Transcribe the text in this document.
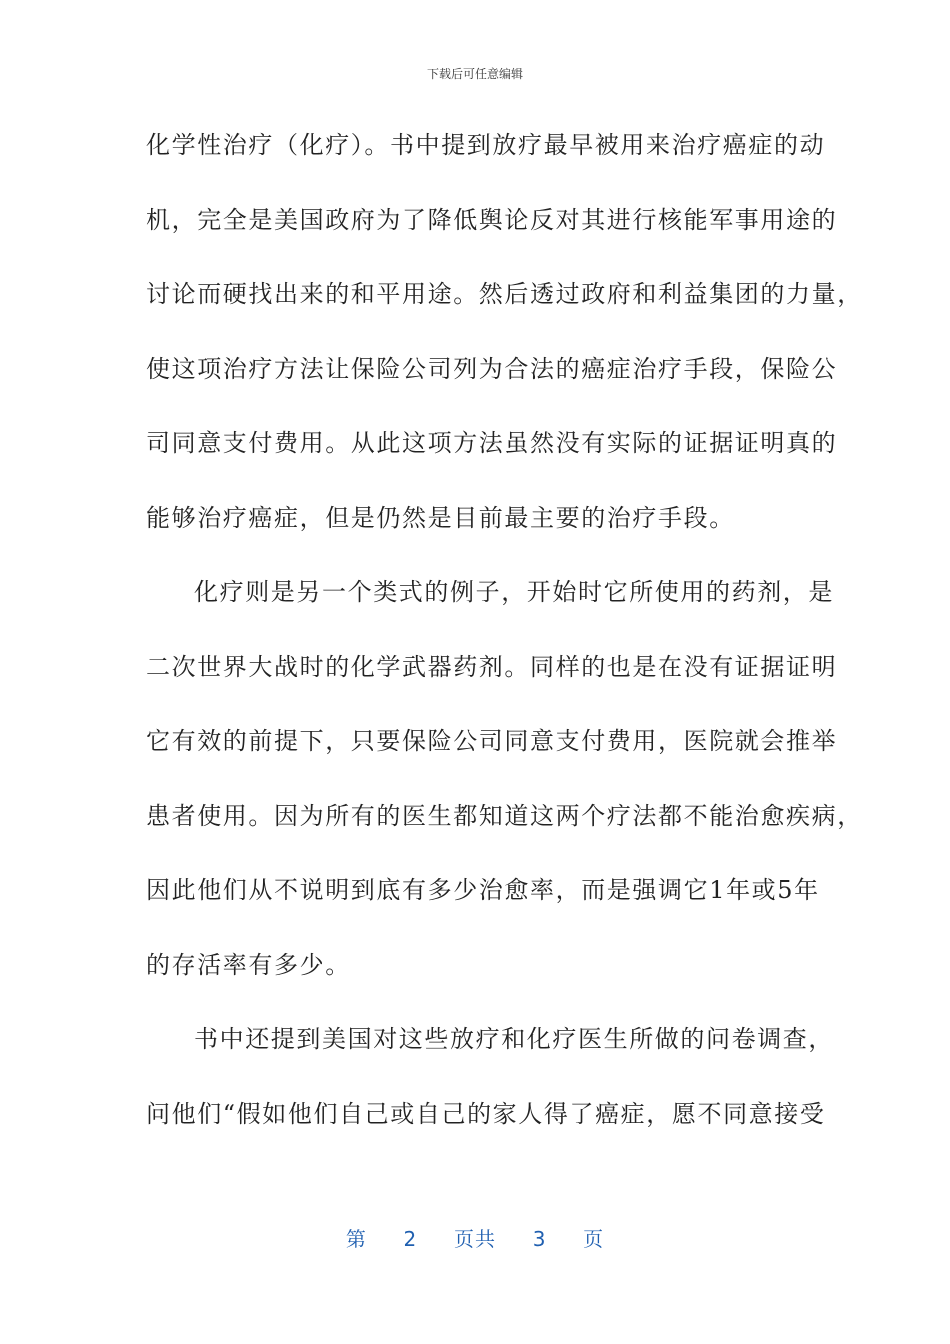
下载后可任意编辑
化学性治疗（化疗）。书中提到放疗最早被用来治疗癌症的动
机，完全是美国政府为了降低舆论反对其进行核能军事用途的
讨论而硬找出来的和平用途。然后透过政府和利益集团的力量，
使这项治疗方法让保险公司列为合法的癌症治疗手段，保险公
司同意支付费用。从此这项方法虽然没有实际的证据证明真的
能够治疗癌症，但是仍然是目前最主要的治疗手段。
化疗则是另一个类式的例子，开始时它所使用的药剂，是
二次世界大战时的化学武器药剂。同样的也是在没有证据证明
它有效的前提下，只要保险公司同意支付费用，医院就会推举
患者使用。因为所有的医生都知道这两个疗法都不能治愈疾病，
因此他们从不说明到底有多少治愈率，而是强调它1年或5年
的存活率有多少。
书中还提到美国对这些放疗和化疗医生所做的问卷调查，
问他们“假如他们自己或自己的家人得了癌症，愿不同意接受
第 2 页共 3 页
